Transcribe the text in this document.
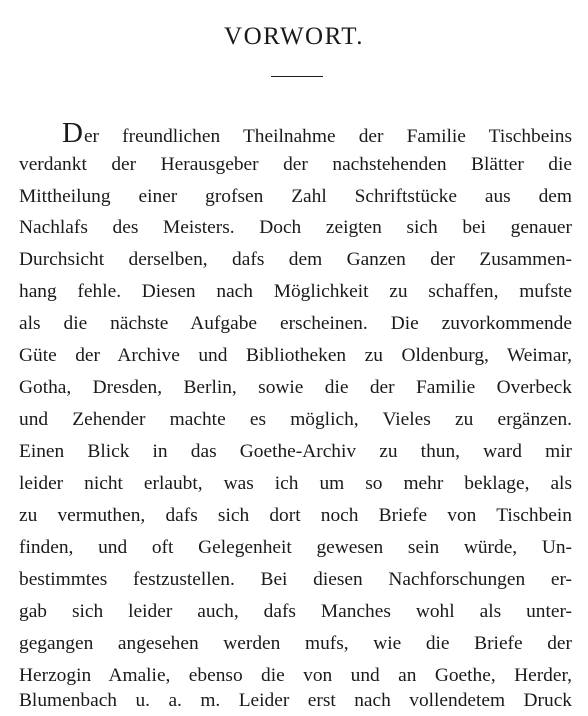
VORWORT.
Der freundlichen Theilnahme der Familie Tischbeins
verdankt der Herausgeber der nachstehenden Blätter die
Mittheilung einer grofsen Zahl Schriftstücke aus dem
Nachlafs des Meisters. Doch zeigten sich bei genauer
Durchsicht derselben, dafs dem Ganzen der Zusammen-
hang fehle. Diesen nach Möglichkeit zu schaffen, mufste
als die nächste Aufgabe erscheinen. Die zuvorkommende
Güte der Archive und Bibliotheken zu Oldenburg, Weimar,
Gotha, Dresden, Berlin, sowie die der Familie Overbeck
und Zehender machte es möglich, Vieles zu ergänzen.
Einen Blick in das Goethe-Archiv zu thun, ward mir
leider nicht erlaubt, was ich um so mehr beklage, als
zu vermuthen, dafs sich dort noch Briefe von Tischbein
finden, und oft Gelegenheit gewesen sein würde, Un-
bestimmtes festzustellen. Bei diesen Nachforschungen er-
gab sich leider auch, dafs Manches wohl als unter-
gegangen angesehen werden mufs, wie die Briefe der
Herzogin Amalie, ebenso die von und an Goethe, Herder,
Blumenbach u. a. m. Leider erst nach vollendetem Druck
